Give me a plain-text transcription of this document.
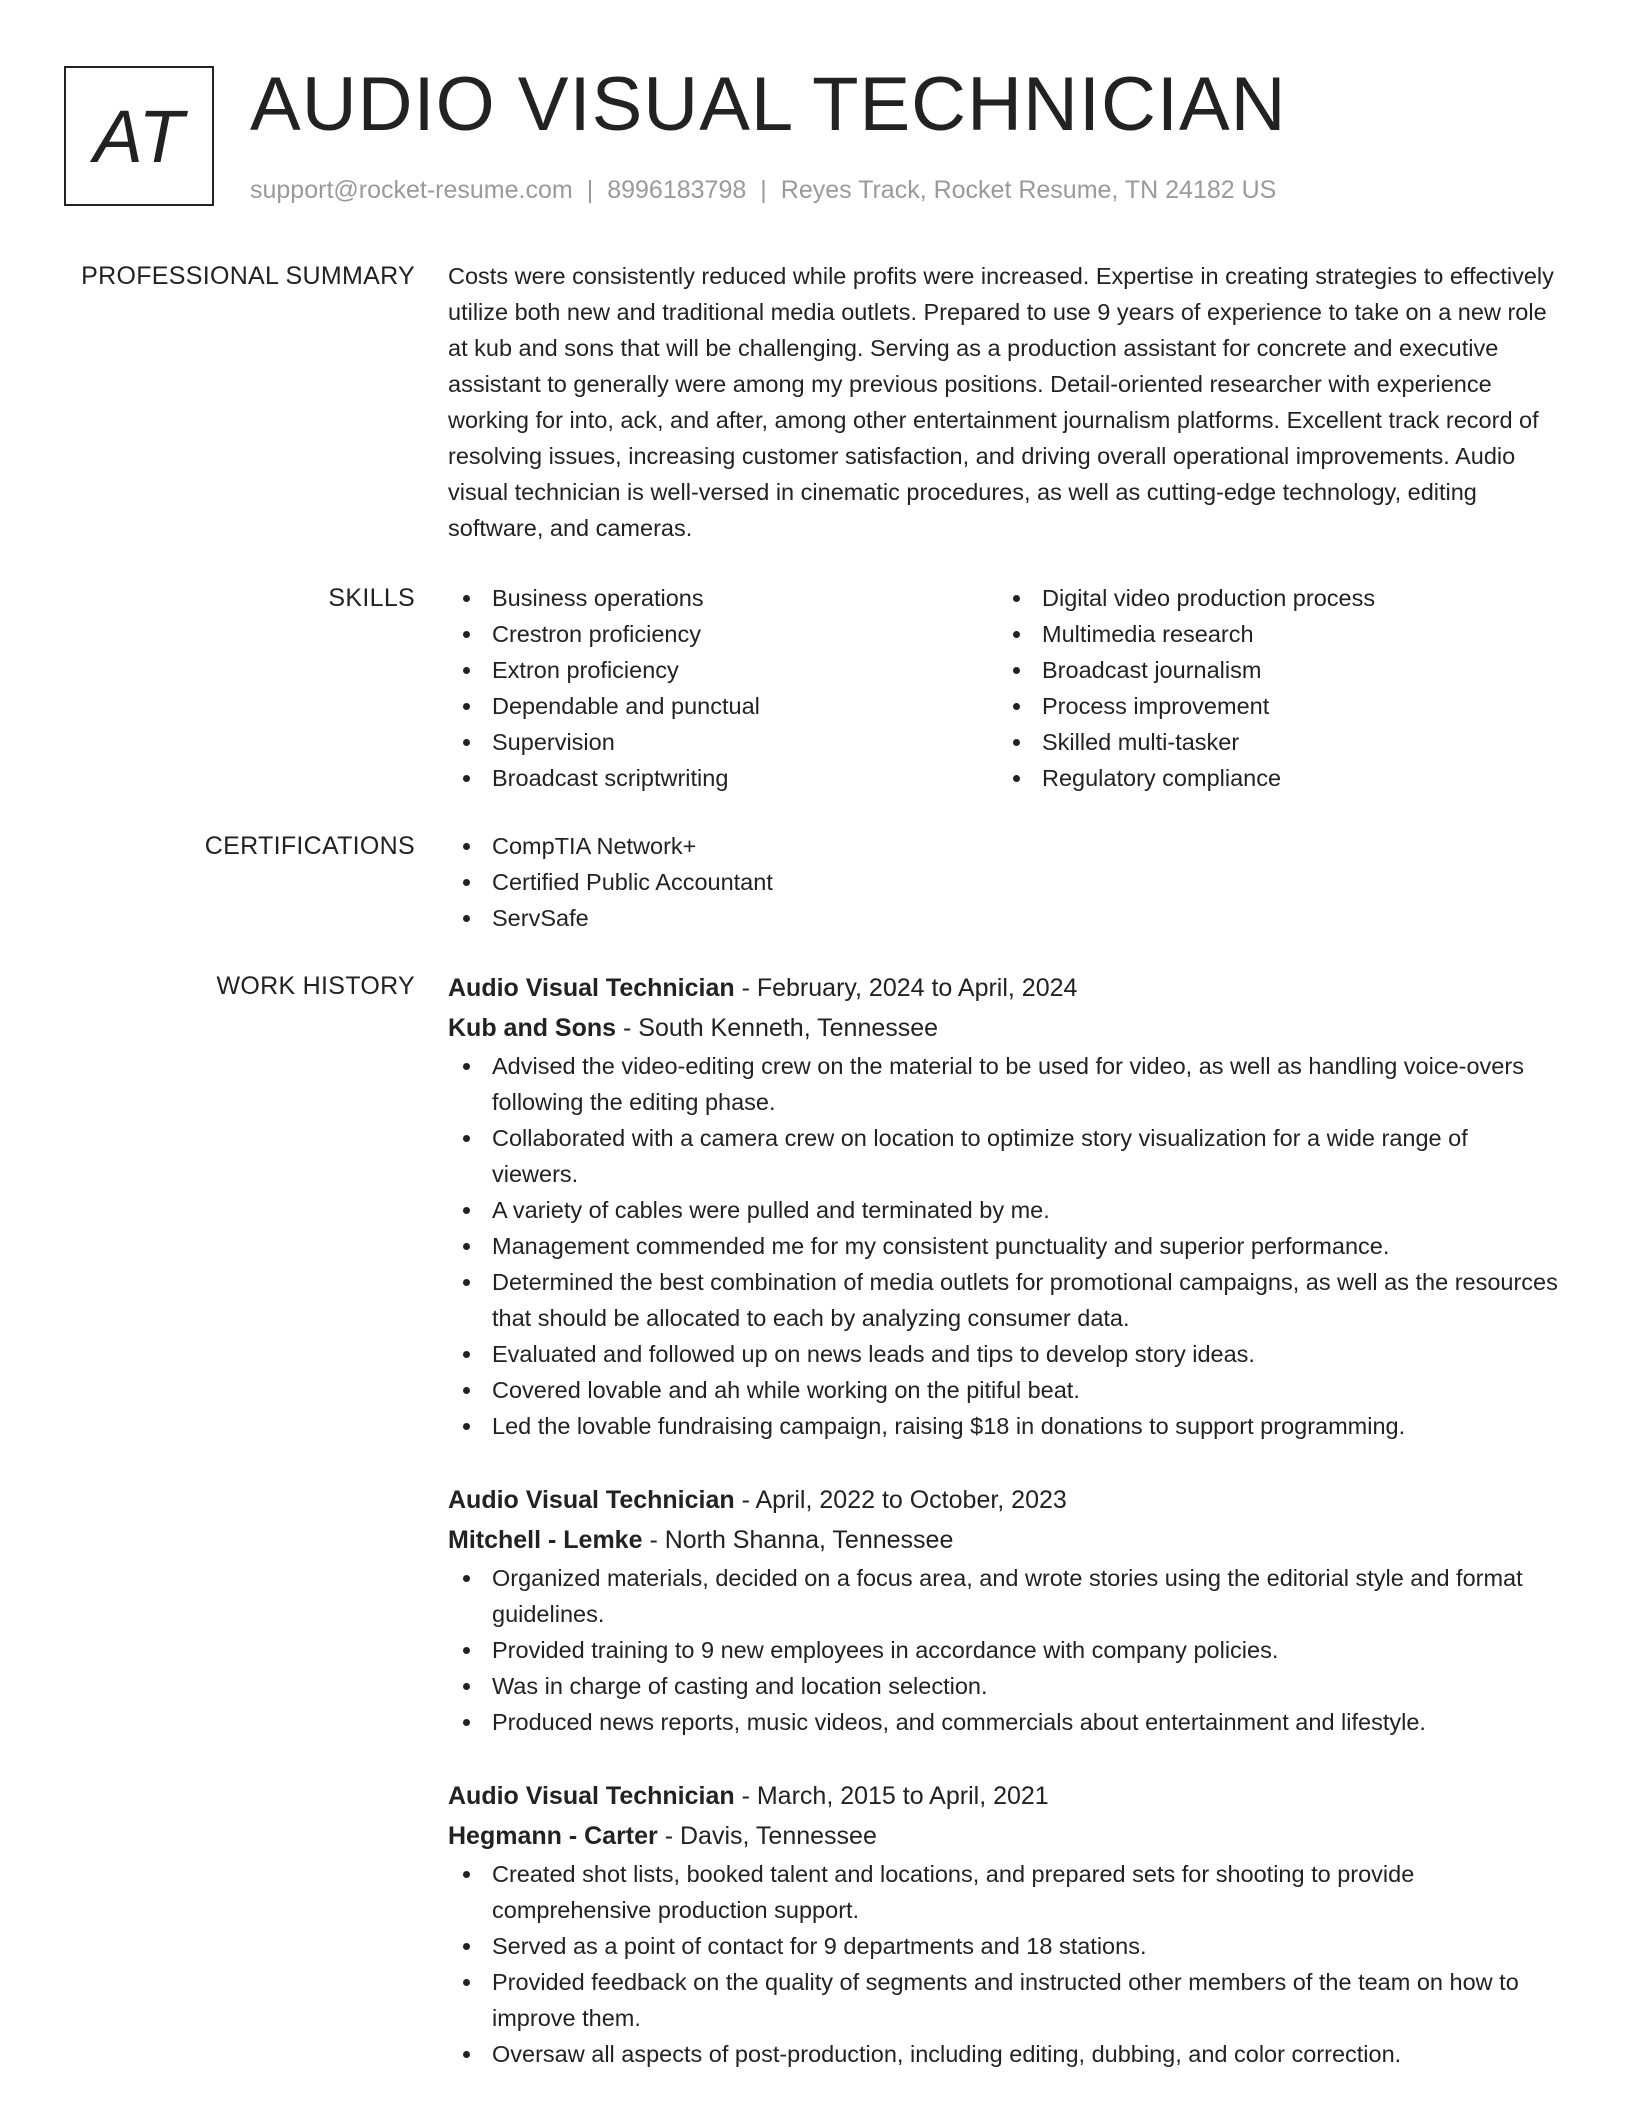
AT AUDIO VISUAL TECHNICIAN
support@rocket-resume.com | 8996183798 | Reyes Track, Rocket Resume, TN 24182 US
PROFESSIONAL SUMMARY Costs were consistently reduced while profits were increased. Expertise in creating strategies to effectively utilize both new and traditional media outlets. Prepared to use 9 years of experience to take on a new role at kub and sons that will be challenging. Serving as a production assistant for concrete and executive assistant to generally were among my previous positions. Detail-oriented researcher with experience working for into, ack, and after, among other entertainment journalism platforms. Excellent track record of resolving issues, increasing customer satisfaction, and driving overall operational improvements. Audio visual technician is well-versed in cinematic procedures, as well as cutting-edge technology, editing software, and cameras.

SKILLS	Business operations
Crestron proficiency
Extron proficiency
Dependable and punctual
Supervision
Broadcast scriptwriting
Digital video production process
Multimedia research
Broadcast journalism
Process improvement
Skilled multi-tasker
Regulatory compliance
CERTIFICATIONS	CompTIA Network+
Certified Public Accountant
ServSafe
WORK HISTORY Audio Visual Technician - February, 2024 to April, 2024
Kub and Sons - South Kenneth, Tennessee
Advised the video-editing crew on the material to be used for video, as well as handling voice-overs following the editing phase.
Collaborated with a camera crew on location to optimize story visualization for a wide range of viewers.
A variety of cables were pulled and terminated by me.
Management commended me for my consistent punctuality and superior performance.
Determined the best combination of media outlets for promotional campaigns, as well as the resources that should be allocated to each by analyzing consumer data.
Evaluated and followed up on news leads and tips to develop story ideas.
Covered lovable and ah while working on the pitiful beat.
Led the lovable fundraising campaign, raising $18 in donations to support programming.
Audio Visual Technician - April, 2022 to October, 2023
Mitchell - Lemke - North Shanna, Tennessee
Organized materials, decided on a focus area, and wrote stories using the editorial style and format guidelines.
Provided training to 9 new employees in accordance with company policies.
Was in charge of casting and location selection.
Produced news reports, music videos, and commercials about entertainment and lifestyle.
Audio Visual Technician - March, 2015 to April, 2021
Hegmann - Carter - Davis, Tennessee
Created shot lists, booked talent and locations, and prepared sets for shooting to provide comprehensive production support.
Served as a point of contact for 9 departments and 18 stations.
Provided feedback on the quality of segments and instructed other members of the team on how to improve them.
Oversaw all aspects of post-production, including editing, dubbing, and color correction.
